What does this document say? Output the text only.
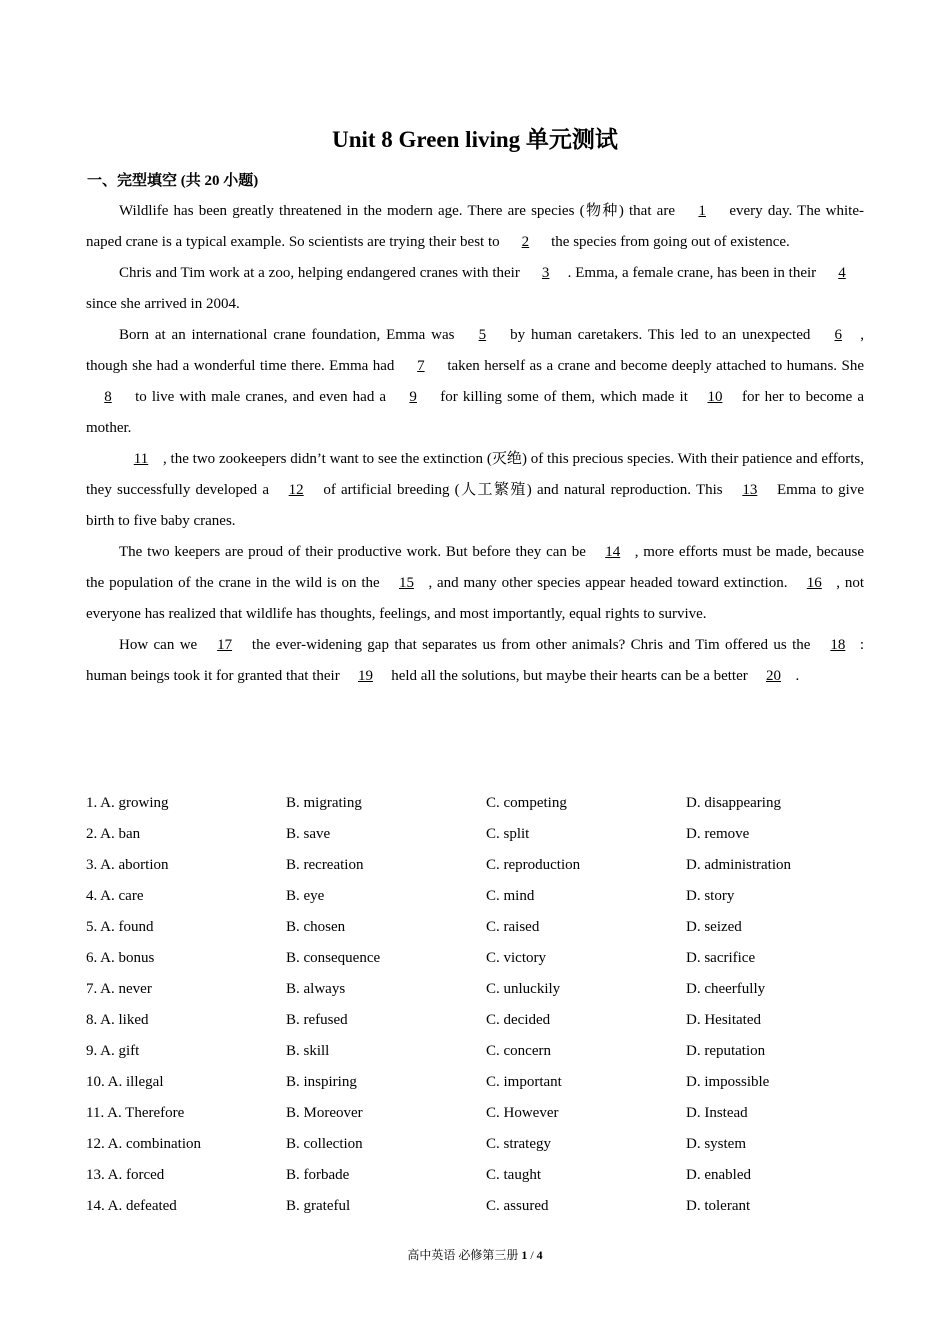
Unit 8 Green living 单元测试
一、完型填空 (共 20 小题)

Wildlife has been greatly threatened in the modern age. There are species (物种) that are 1 every day. The white-naped crane is a typical example. So scientists are trying their best to 2 the species from going out of existence.

Chris and Tim work at a zoo, helping endangered cranes with their 3 . Emma, a female crane, has been in their 4 since she arrived in 2004.

Born at an international crane foundation, Emma was 5 by human caretakers. This led to an unexpected 6 , though she had a wonderful time there. Emma had 7 taken herself as a crane and become deeply attached to humans. She 8 to live with male cranes, and even had a 9 for killing some of them, which made it 10 for her to become a mother.

11 , the two zookeepers didn’t want to see the extinction (灭绝) of this precious species. With their patience and efforts, they successfully developed a 12 of artificial breeding (人工繁殖) and natural reproduction. This 13 Emma to give birth to five baby cranes.

The two keepers are proud of their productive work. But before they can be 14 , more efforts must be made, because the population of the crane in the wild is on the 15 , and many other species appear headed toward extinction. 16 , not everyone has realized that wildlife has thoughts, feelings, and most importantly, equal rights to survive.

How can we 17 the ever-widening gap that separates us from other animals? Chris and Tim offered us the 18 : human beings took it for granted that their 19 held all the solutions, but maybe their hearts can be a better 20 .

1. A. growing	B. migrating	C. competing	D. disappearing
2. A. ban	B. save	C. split	D. remove
3. A. abortion	B. recreation	C. reproduction	D. administration
4. A. care	B. eye	C. mind	D. story
5. A. found	B. chosen	C. raised	D. seized
6. A. bonus	B. consequence	C. victory	D. sacrifice
7. A. never	B. always	C. unluckily	D. cheerfully
8. A. liked	B. refused	C. decided	D. Hesitated
9. A. gift	B. skill	C. concern	D. reputation
10. A. illegal	B. inspiring	C. important	D. impossible
11. A. Therefore	B. Moreover	C. However	D. Instead
12. A. combination	B. collection	C. strategy	D. system
13. A. forced	B. forbade	C. taught	D. enabled
14. A. defeated	B. grateful	C. assured	D. tolerant
高中英语 必修第三册 1 / 4
